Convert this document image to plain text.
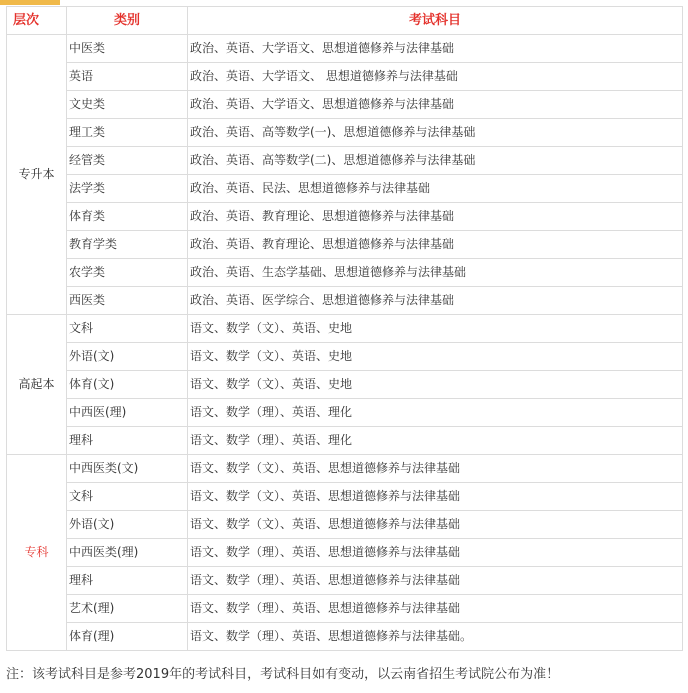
层次	类别	考试科目
专升本	中医类	政治、英语、大学语文、思想道德修养与法律基础
	英语	政治、英语、大学语文、 思想道德修养与法律基础
	文史类	政治、英语、大学语文、思想道德修养与法律基础
	理工类	政治、英语、高等数学(一)、思想道德修养与法律基础
	经管类	政治、英语、高等数学(二)、思想道德修养与法律基础
	法学类	政治、英语、民法、思想道德修养与法律基础
	体育类	政治、英语、教育理论、思想道德修养与法律基础
	教育学类	政治、英语、教育理论、思想道德修养与法律基础
	农学类	政治、英语、生态学基础、思想道德修养与法律基础
	西医类	政治、英语、医学综合、思想道德修养与法律基础
高起本	文科	语文、数学（文）、英语、史地
	外语(文)	语文、数学（文）、英语、史地
	体育(文)	语文、数学（文）、英语、史地
	中西医(理)	语文、数学（理）、英语、理化
	理科	语文、数学（理）、英语、理化
专科	中西医类(文)	语文、数学（文）、英语、思想道德修养与法律基础
	文科	语文、数学（文）、英语、思想道德修养与法律基础
	外语(文)	语文、数学（文）、英语、思想道德修养与法律基础
	中西医类(理)	语文、数学（理）、英语、思想道德修养与法律基础
	理科	语文、数学（理）、英语、思想道德修养与法律基础
	艺术(理)	语文、数学（理）、英语、思想道德修养与法律基础
	体育(理)	语文、数学（理）、英语、思想道德修养与法律基础。
注：该考试科目是参考2019年的考试科目，考试科目如有变动，以云南省招生考试院公布为准！
